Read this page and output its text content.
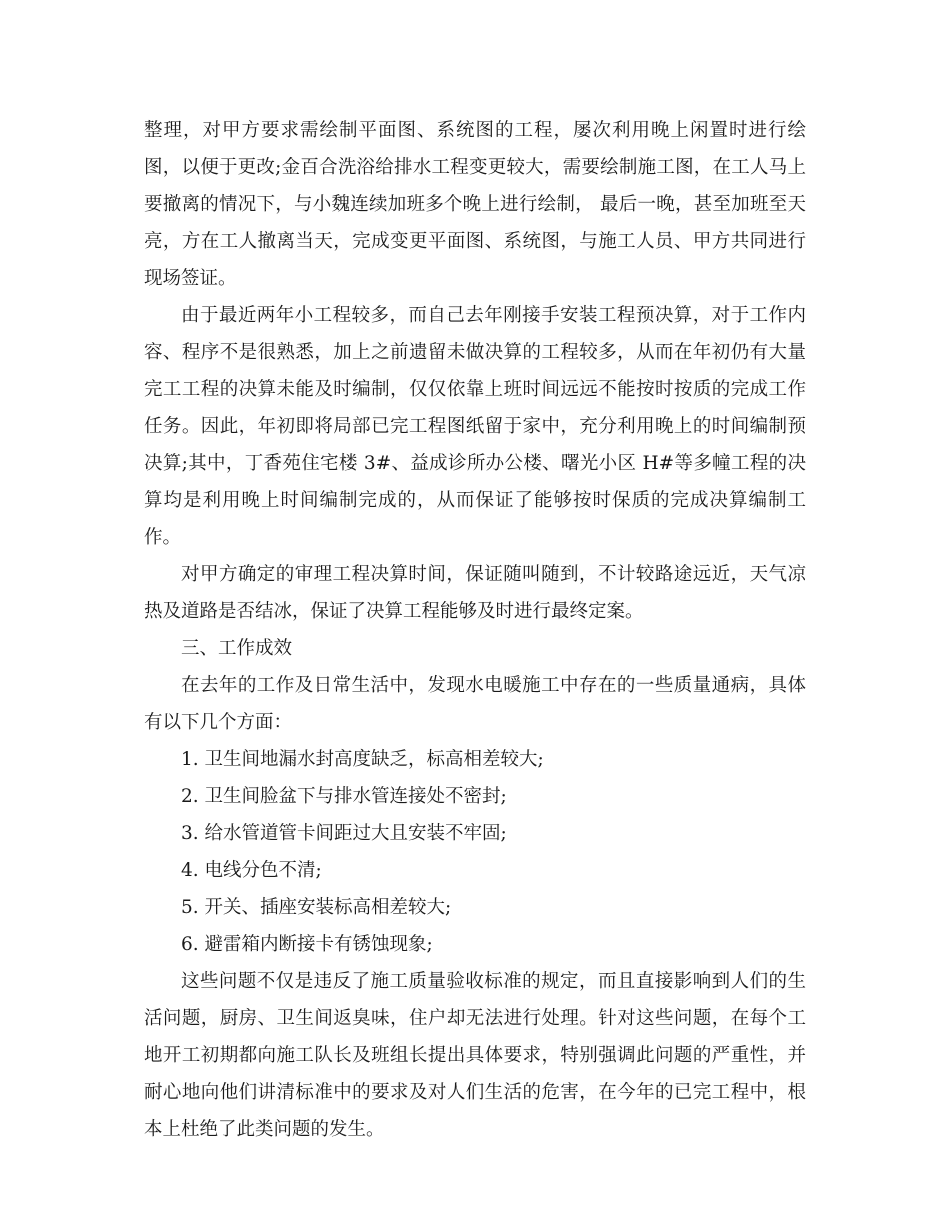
整理，对甲方要求需绘制平面图、系统图的工程，屡次利用晚上闲置时进行绘图，以便于更改;金百合洗浴给排水工程变更较大，需要绘制施工图，在工人马上要撤离的情况下，与小魏连续加班多个晚上进行绘制， 最后一晚，甚至加班至天亮，方在工人撤离当天，完成变更平面图、系统图，与施工人员、甲方共同进行现场签证。

由于最近两年小工程较多，而自己去年刚接手安装工程预决算，对于工作内容、程序不是很熟悉，加上之前遗留未做决算的工程较多，从而在年初仍有大量完工工程的决算未能及时编制，仅仅依靠上班时间远远不能按时按质的完成工作任务。因此，年初即将局部已完工程图纸留于家中，充分利用晚上的时间编制预决算;其中，丁香苑住宅楼 3#、益成诊所办公楼、曙光小区 H#等多幢工程的决算均是利用晚上时间编制完成的，从而保证了能够按时保质的完成决算编制工作。

对甲方确定的审理工程决算时间，保证随叫随到，不计较路途远近，天气凉热及道路是否结冰，保证了决算工程能够及时进行最终定案。

三、工作成效

在去年的工作及日常生活中，发现水电暖施工中存在的一些质量通病，具体有以下几个方面：

1. 卫生间地漏水封高度缺乏，标高相差较大;

2. 卫生间脸盆下与排水管连接处不密封;

3. 给水管道管卡间距过大且安装不牢固;

4. 电线分色不清;

5. 开关、插座安装标高相差较大;

6. 避雷箱内断接卡有锈蚀现象;

这些问题不仅是违反了施工质量验收标准的规定，而且直接影响到人们的生活问题，厨房、卫生间返臭味，住户却无法进行处理。针对这些问题，在每个工地开工初期都向施工队长及班组长提出具体要求，特别强调此问题的严重性，并耐心地向他们讲清标准中的要求及对人们生活的危害，在今年的已完工程中，根本上杜绝了此类问题的发生。
